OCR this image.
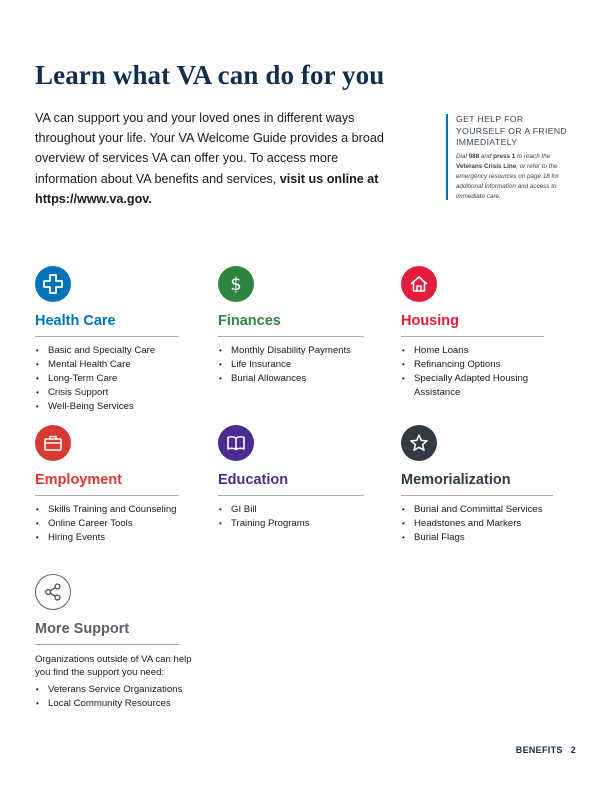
Learn what VA can do for you

VA can support you and your loved ones in different ways throughout your life. Your VA Welcome Guide provides a broad overview of services VA can offer you. To access more information about VA benefits and services, visit us online at https://www.va.gov.

GET HELP FOR YOURSELF OR A FRIEND IMMEDIATELY

Dial 988 and press 1 to reach the Veterans Crisis Line, or refer to the emergency resources on page 18 for additional information and access to immediate care.

Health Care
• Basic and Specialty Care
• Mental Health Care
• Long-Term Care
• Crisis Support
• Well-Being Services
$
Finances
• Monthly Disability Payments
• Life Insurance
• Burial Allowances
Housing
• Home Loans
• Refinancing Options
• Specially Adapted Housing Assistance
Employment
• Skills Training and Counseling
• Online Career Tools
• Hiring Events
Education
• GI Bill
• Training Programs
Memorialization
• Burial and Committal Services
• Headstones and Markers
• Burial Flags
More Support

Organizations outside of VA can help you find the support you need:

• Veterans Service Organizations
• Local Community Resources
BENEFITS 2
